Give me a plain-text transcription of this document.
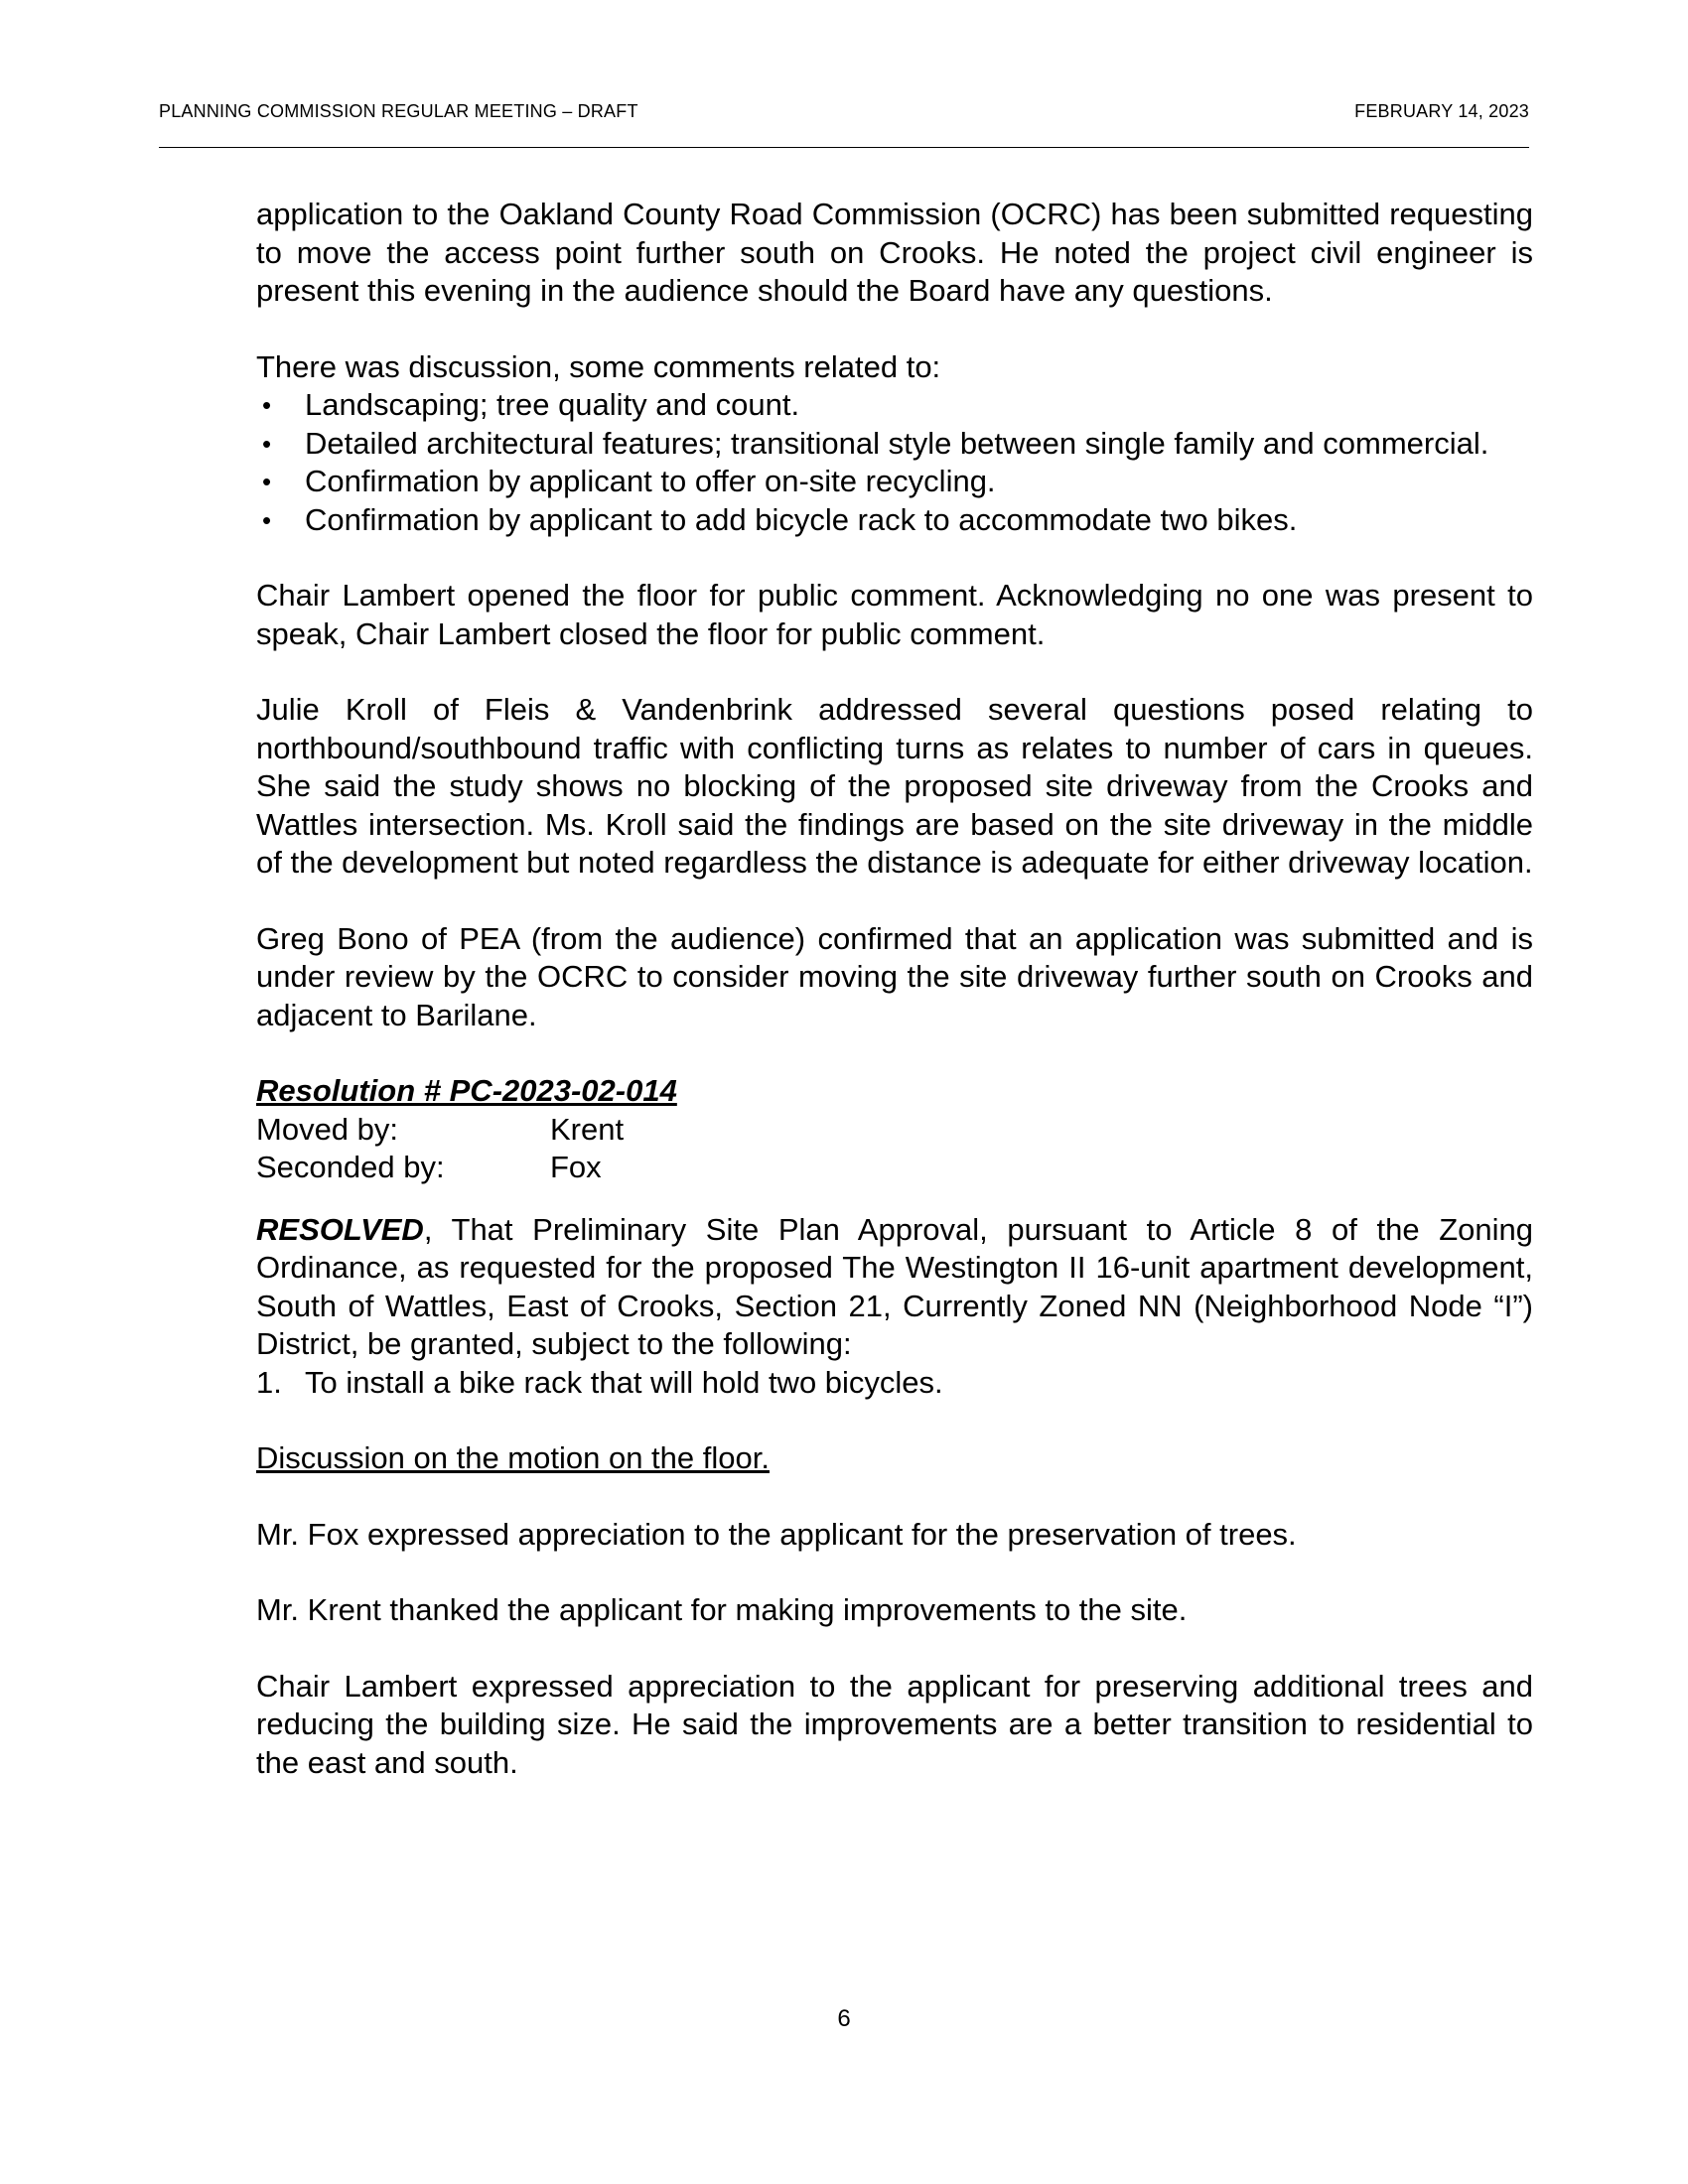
PLANNING COMMISSION REGULAR MEETING – DRAFT	FEBRUARY 14, 2023

application to the Oakland County Road Commission (OCRC) has been submitted requesting to move the access point further south on Crooks. He noted the project civil engineer is present this evening in the audience should the Board have any questions.

There was discussion, some comments related to:

• Landscaping; tree quality and count.
• Detailed architectural features; transitional style between single family and commercial.
• Confirmation by applicant to offer on-site recycling.
• Confirmation by applicant to add bicycle rack to accommodate two bikes.

Chair Lambert opened the floor for public comment. Acknowledging no one was present to speak, Chair Lambert closed the floor for public comment.

Julie Kroll of Fleis & Vandenbrink addressed several questions posed relating to northbound/southbound traffic with conflicting turns as relates to number of cars in queues. She said the study shows no blocking of the proposed site driveway from the Crooks and Wattles intersection. Ms. Kroll said the findings are based on the site driveway in the middle of the development but noted regardless the distance is adequate for either driveway location.

Greg Bono of PEA (from the audience) confirmed that an application was submitted and is under review by the OCRC to consider moving the site driveway further south on Crooks and adjacent to Barilane.

Resolution # PC-2023-02-014

Moved by:	Krent
Seconded by:	Fox

RESOLVED, That Preliminary Site Plan Approval, pursuant to Article 8 of the Zoning Ordinance, as requested for the proposed The Westington II 16-unit apartment development, South of Wattles, East of Crooks, Section 21, Currently Zoned NN (Neighborhood Node “I”) District, be granted, subject to the following:

1. To install a bike rack that will hold two bicycles.

Discussion on the motion on the floor.

Mr. Fox expressed appreciation to the applicant for the preservation of trees.

Mr. Krent thanked the applicant for making improvements to the site.

Chair Lambert expressed appreciation to the applicant for preserving additional trees and reducing the building size. He said the improvements are a better transition to residential to the east and south.

6
